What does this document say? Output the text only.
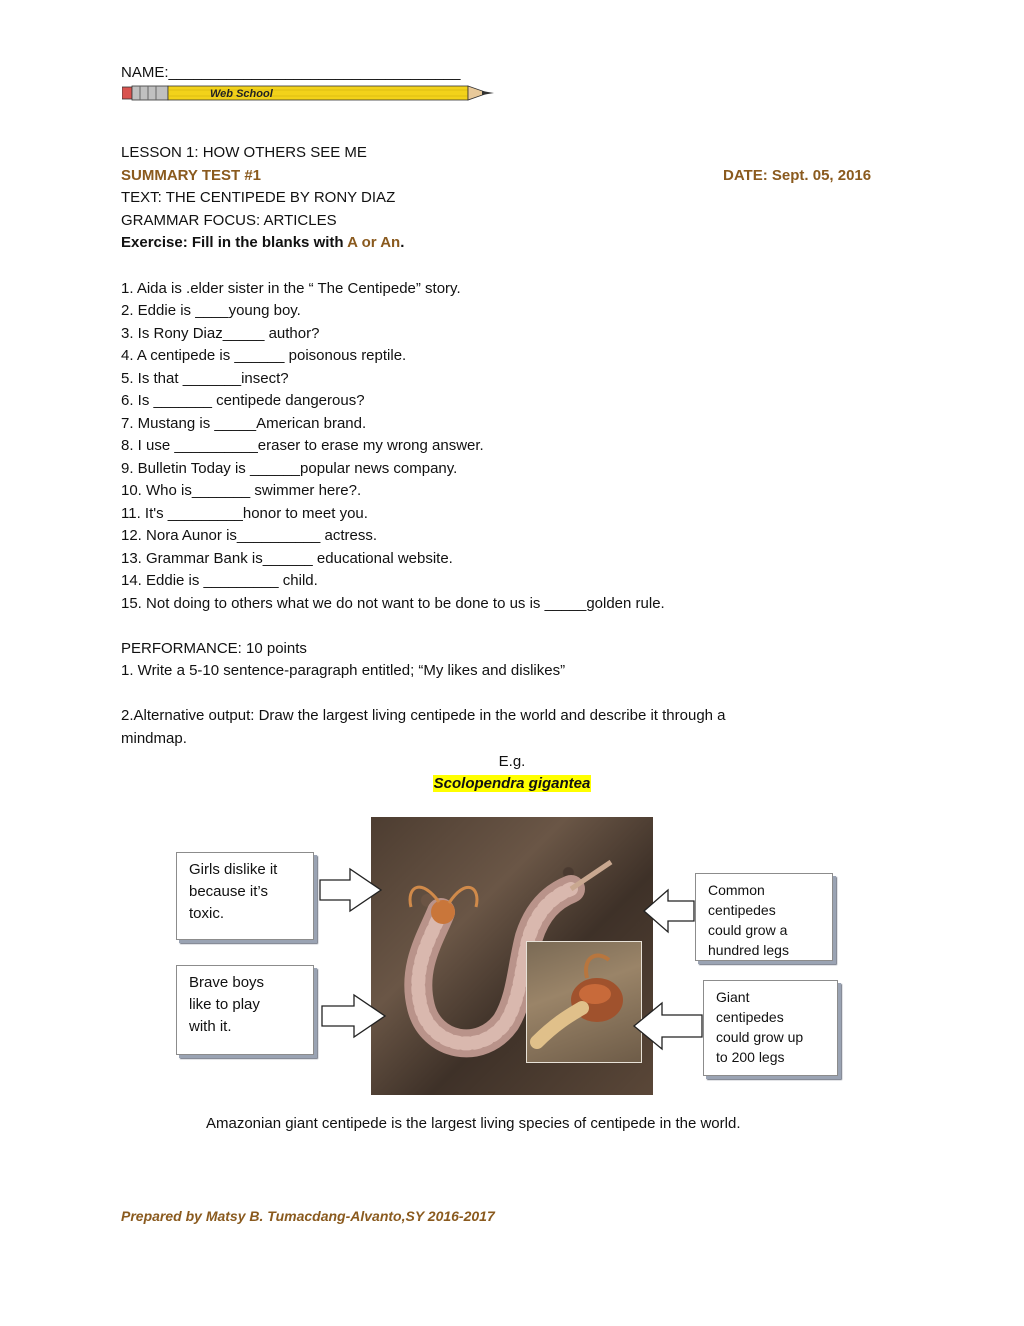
NAME:___________________________________
Web School
LESSON 1: HOW OTHERS SEE ME
SUMMARY TEST #1	DATE: Sept. 05, 2016
TEXT: THE CENTIPEDE BY RONY DIAZ
GRAMMAR FOCUS: ARTICLES
Exercise: Fill in the blanks with A or An.
1. Aida is .elder sister in the “ The Centipede” story.
2. Eddie is ____young boy.
3. Is Rony Diaz_____ author?
4. A centipede is ______ poisonous reptile.
5. Is that _______insect?
6. Is _______ centipede dangerous?
7. Mustang is _____American brand.
8. I use __________eraser to erase my wrong answer.
9. Bulletin Today is ______popular news company.
10. Who is_______ swimmer here?.
11. It's _________honor to meet you.
12. Nora Aunor is__________ actress.
13. Grammar Bank is______ educational website.
14. Eddie is _________ child.
15. Not doing to others what we do not want to be done to us is _____golden rule.
PERFORMANCE: 10 points
1. Write a 5-10 sentence-paragraph entitled; “My likes and dislikes”
2.Alternative output: Draw the largest living centipede in the world and describe it through a
mindmap.
E.g.
Scolopendra gigantea
Girls dislike it
because it’s
toxic.
Brave boys
like to play
with it.
Common
centipedes
could grow a
hundred legs
Giant
centipedes
could grow up
to 200 legs
Amazonian giant centipede is the largest living species of centipede in the world.
Prepared by Matsy B. Tumacdang-Alvanto,SY 2016-2017
